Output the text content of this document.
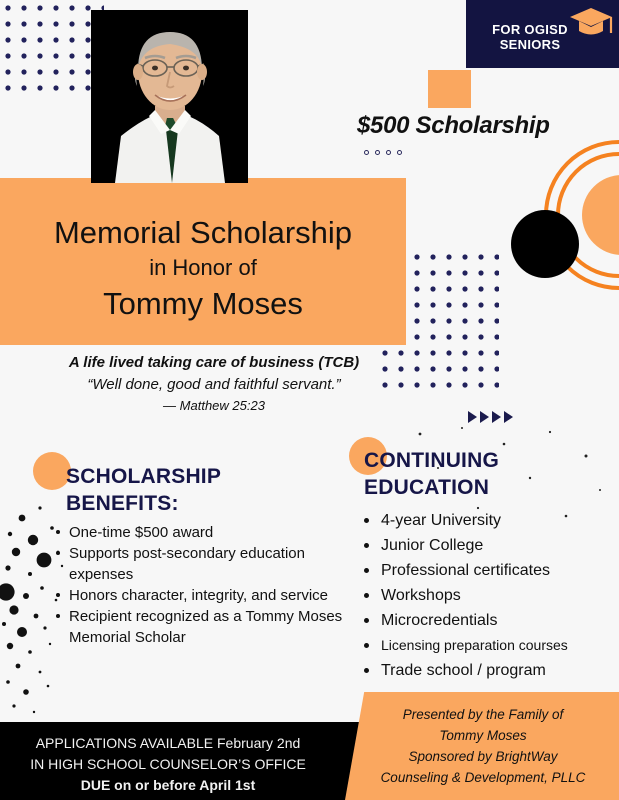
FOR OGISD
SENIORS
$500 Scholarship
Memorial Scholarship
in Honor of
Tommy Moses
A life lived taking care of business (TCB)
“Well done, good and faithful servant.”
— Matthew 25:23
SCHOLARSHIP
BENEFITS:
One-time $500 award
Supports post-secondary education expenses
Honors character, integrity, and service
Recipient recognized as a Tommy Moses Memorial Scholar
CONTINUING
EDUCATION
4-year University
Junior College
Professional certificates
Workshops
Microcredentials
Licensing preparation courses
Trade school / program
APPLICATIONS AVAILABLE February 2nd
IN HIGH SCHOOL COUNSELOR’S OFFICE
DUE on or before April 1st
Presented by the Family of
Tommy Moses
Sponsored by BrightWay
Counseling & Development, PLLC
